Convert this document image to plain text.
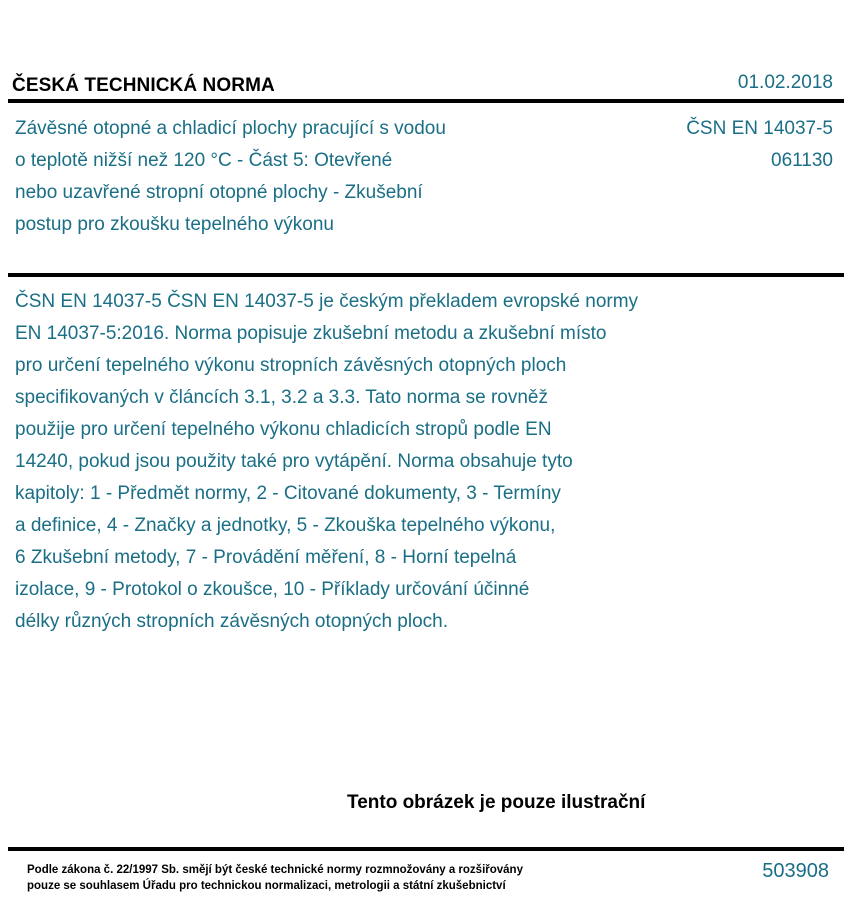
ČESKÁ TECHNICKÁ NORMA	01.02.2018
Závěsné otopné a chladicí plochy pracující s vodou
o teplotě nižší než 120 °C - Část 5: Otevřené
nebo uzavřené stropní otopné plochy - Zkušební
postup pro zkoušku tepelného výkonu
ČSN EN 14037-5
061130
ČSN EN 14037-5 ČSN EN 14037-5 je českým překladem evropské normy
EN 14037-5:2016. Norma popisuje zkušební metodu a zkušební místo
pro určení tepelného výkonu stropních závěsných otopných ploch
specifikovaných v článcích 3.1, 3.2 a 3.3. Tato norma se rovněž
použije pro určení tepelného výkonu chladicích stropů podle EN
14240, pokud jsou použity také pro vytápění. Norma obsahuje tyto
kapitoly: 1 - Předmět normy, 2 - Citované dokumenty, 3 - Termíny
a definice, 4 - Značky a jednotky, 5 - Zkouška tepelného výkonu,
6 Zkušební metody, 7 - Provádění měření, 8 - Horní tepelná
izolace, 9 - Protokol o zkoušce, 10 - Příklady určování účinné
délky různých stropních závěsných otopných ploch.
Tento obrázek je pouze ilustrační
Podle zákona č. 22/1997 Sb. smějí být české technické normy rozmnožovány a rozšiřovány
pouze se souhlasem Úřadu pro technickou normalizaci, metrologii a státní zkušebnictví
503908
